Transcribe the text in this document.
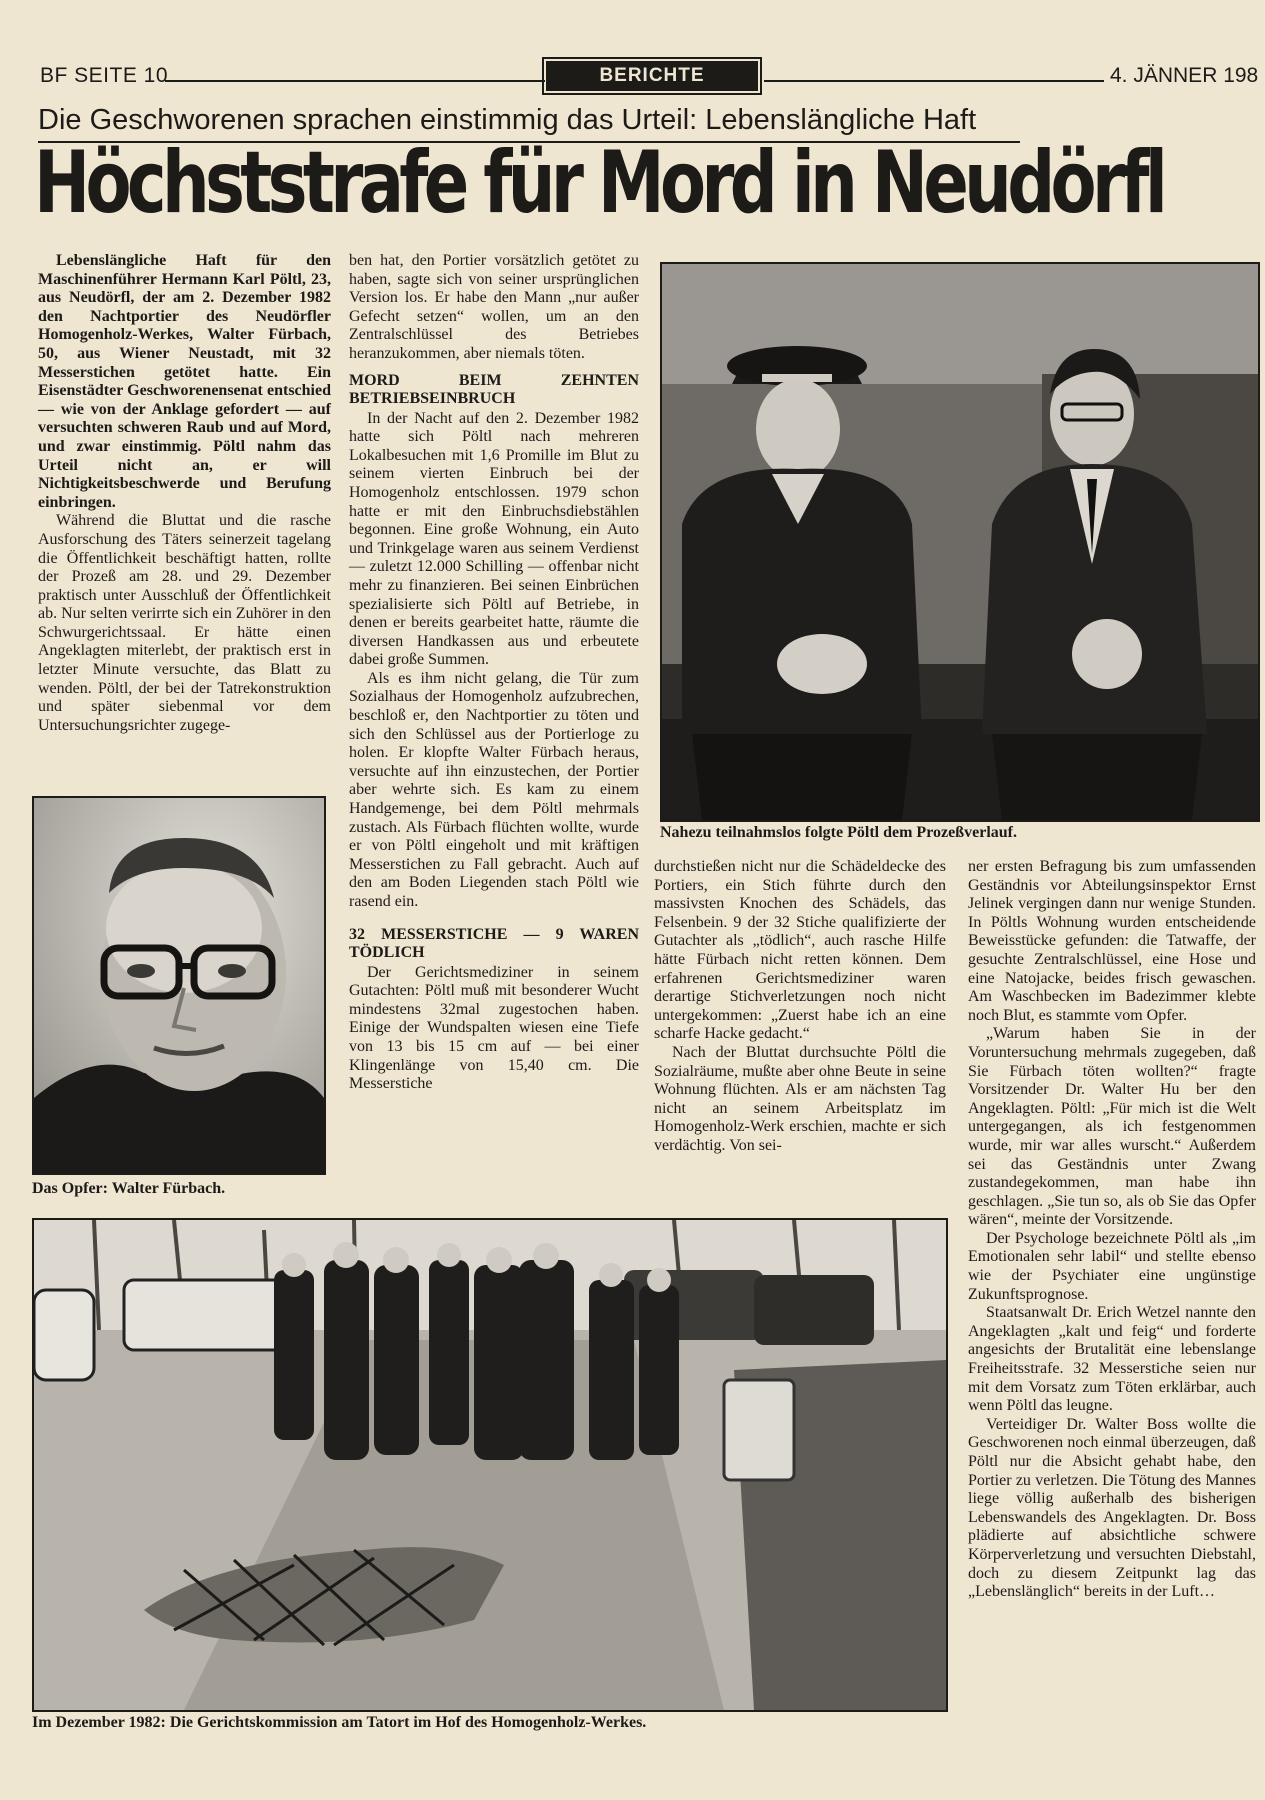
BF SEITE 10	BERICHTE	4. JÄNNER 198
Die Geschworenen sprachen einstimmig das Urteil: Lebenslängliche Haft
Höchststrafe für Mord in Neudörfl

Lebenslängliche Haft für den Maschinenführer Hermann Karl Pöltl, 23, aus Neudörfl, der am 2. Dezember 1982 den Nachtportier des Neudörfler Homogenholz-Werkes, Walter Fürbach, 50, aus Wiener Neustadt, mit 32 Messerstichen getötet hatte. Ein Eisenstädter Geschworenensenat entschied — wie von der Anklage gefordert — auf versuchten schweren Raub und auf Mord, und zwar einstimmig. Pöltl nahm das Urteil nicht an, er will Nichtigkeitsbeschwerde und Berufung einbringen.

Während die Bluttat und die rasche Ausforschung des Täters seinerzeit tagelang die Öffentlichkeit beschäftigt hatten, rollte der Prozeß am 28. und 29. Dezember praktisch unter Ausschluß der Öffentlichkeit ab. Nur selten verirrte sich ein Zuhörer in den Schwurgerichtssaal. Er hätte einen Angeklagten miterlebt, der praktisch erst in letzter Minute versuchte, das Blatt zu wenden. Pöltl, der bei der Tatrekonstruktion und später siebenmal vor dem Untersuchungsrichter zugege-

Das Opfer: Walter Fürbach.

ben hat, den Portier vorsätzlich getötet zu haben, sagte sich von seiner ursprünglichen Version los. Er habe den Mann „nur außer Gefecht setzen“ wollen, um an den Zentralschlüssel des Betriebes heranzukommen, aber niemals töten.

MORD BEIM ZEHNTEN BETRIEBSEINBRUCH

In der Nacht auf den 2. Dezember 1982 hatte sich Pöltl nach mehreren Lokalbesuchen mit 1,6 Promille im Blut zu seinem vierten Einbruch bei der Homogenholz entschlossen. 1979 schon hatte er mit den Einbruchsdiebstählen begonnen. Eine große Wohnung, ein Auto und Trinkgelage waren aus seinem Verdienst — zuletzt 12.000 Schilling — offenbar nicht mehr zu finanzieren. Bei seinen Einbrüchen spezialisierte sich Pöltl auf Betriebe, in denen er bereits gearbeitet hatte, räumte die diversen Handkassen aus und erbeutete dabei große Summen.

Als es ihm nicht gelang, die Tür zum Sozialhaus der Homogenholz aufzubrechen, beschloß er, den Nachtportier zu töten und sich den Schlüssel aus der Portierloge zu holen. Er klopfte Walter Fürbach heraus, versuchte auf ihn einzustechen, der Portier aber wehrte sich. Es kam zu einem Handgemenge, bei dem Pöltl mehrmals zustach. Als Fürbach flüchten wollte, wurde er von Pöltl eingeholt und mit kräftigen Messerstichen zu Fall gebracht. Auch auf den am Boden Liegenden stach Pöltl wie rasend ein.

32 MESSERSTICHE — 9 WAREN TÖDLICH

Der Gerichtsmediziner in seinem Gutachten: Pöltl muß mit besonderer Wucht mindestens 32mal zugestochen haben. Einige der Wundspalten wiesen eine Tiefe von 13 bis 15 cm auf — bei einer Klingenlänge von 15,40 cm. Die Messerstiche

Nahezu teilnahmslos folgte Pöltl dem Prozeßverlauf.

durchstießen nicht nur die Schädeldecke des Portiers, ein Stich führte durch den massivsten Knochen des Schädels, das Felsenbein. 9 der 32 Stiche qualifizierte der Gutachter als „tödlich“, auch rasche Hilfe hätte Fürbach nicht retten können. Dem erfahrenen Gerichtsmediziner waren derartige Stichverletzungen noch nicht untergekommen: „Zuerst habe ich an eine scharfe Hacke gedacht.“

Nach der Bluttat durchsuchte Pöltl die Sozialräume, mußte aber ohne Beute in seine Wohnung flüchten. Als er am nächsten Tag nicht an seinem Arbeitsplatz im Homogenholz-Werk erschien, machte er sich verdächtig. Von sei-

ner ersten Befragung bis zum umfassenden Geständnis vor Abteilungsinspektor Ernst Jelinek vergingen dann nur wenige Stunden. In Pöltls Wohnung wurden entscheidende Beweisstücke gefunden: die Tatwaffe, der gesuchte Zentralschlüssel, eine Hose und eine Natojacke, beides frisch gewaschen. Am Waschbecken im Badezimmer klebte noch Blut, es stammte vom Opfer.

„Warum haben Sie in der Voruntersuchung mehrmals zugegeben, daß Sie Fürbach töten wollten?“ fragte Vorsitzender Dr. Walter Hu ber den Angeklagten. Pöltl: „Für mich ist die Welt untergegangen, als ich festgenommen wurde, mir war alles wurscht.“ Außerdem sei das Geständnis unter Zwang zustandegekommen, man habe ihn geschlagen. „Sie tun so, als ob Sie das Opfer wären“, meinte der Vorsitzende.

Der Psychologe bezeichnete Pöltl als „im Emotionalen sehr labil“ und stellte ebenso wie der Psychiater eine ungünstige Zukunftsprognose.

Staatsanwalt Dr. Erich Wetzel nannte den Angeklagten „kalt und feig“ und forderte angesichts der Brutalität eine lebenslange Freiheitsstrafe. 32 Messerstiche seien nur mit dem Vorsatz zum Töten erklärbar, auch wenn Pöltl das leugne.

Verteidiger Dr. Walter Boss wollte die Geschworenen noch einmal überzeugen, daß Pöltl nur die Absicht gehabt habe, den Portier zu verletzen. Die Tötung des Mannes liege völlig außerhalb des bisherigen Lebenswandels des Angeklagten. Dr. Boss plädierte auf absichtliche schwere Körperverletzung und versuchten Diebstahl, doch zu diesem Zeitpunkt lag das „Lebenslänglich“ bereits in der Luft…

Im Dezember 1982: Die Gerichtskommission am Tatort im Hof des Homogenholz-Werkes.
